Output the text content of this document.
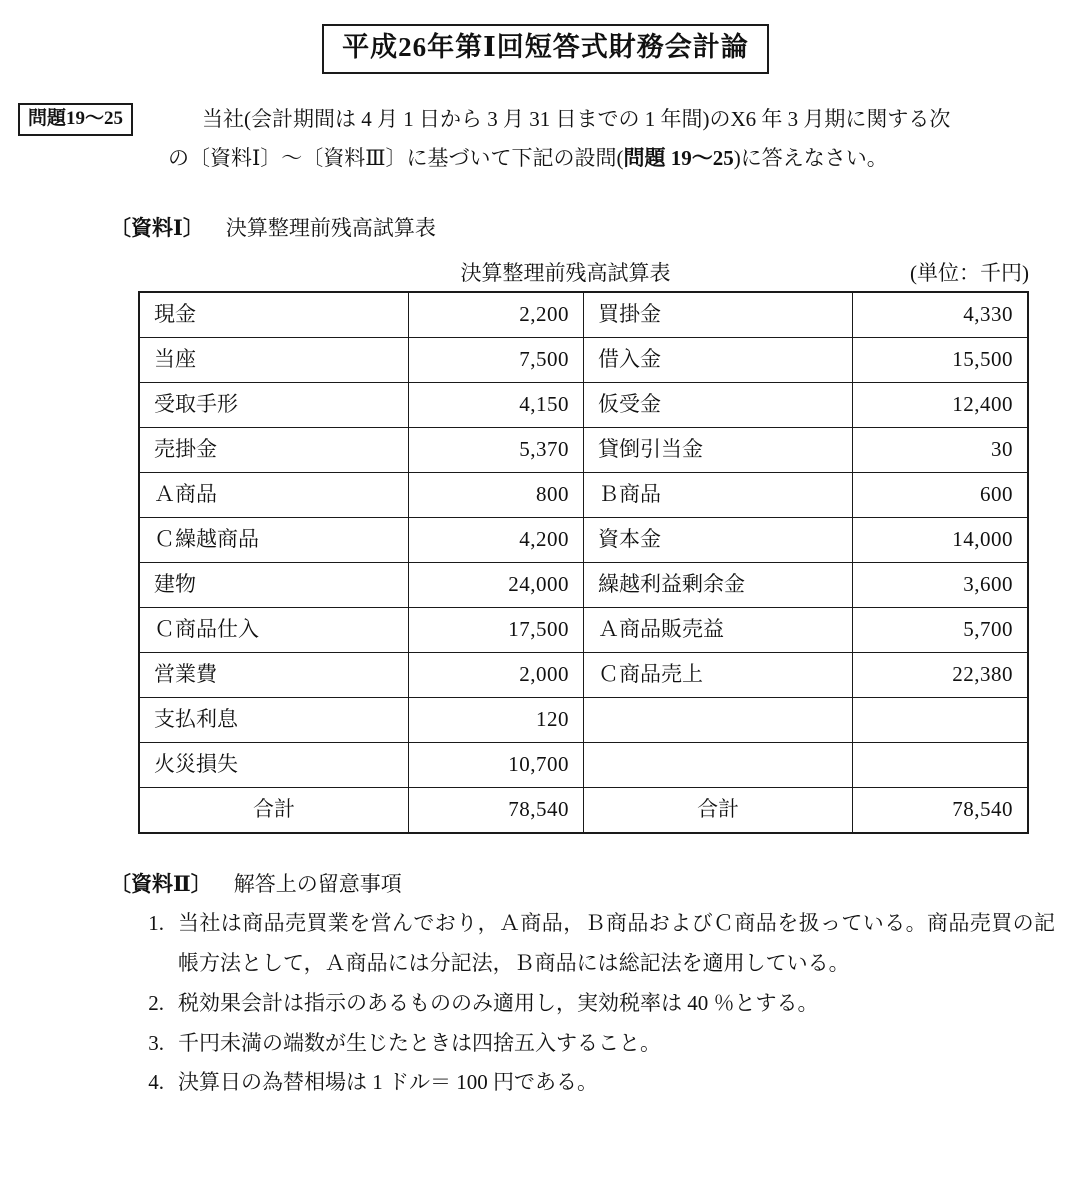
平成26年第Ⅰ回短答式財務会計論
問題19〜25	当社(会計期間は 4 月 1 日から 3 月 31 日までの 1 年間)のX6 年 3 月期に関する次
の〔資料Ⅰ〕〜〔資料Ⅲ〕に基づいて下記の設問(問題 19〜25)に答えなさい。
〔資料Ⅰ〕 決算整理前残高試算表
決算整理前残高試算表	(単位：千円)
現金	2,200	買掛金	4,330
当座	7,500	借入金	15,500
受取手形	4,150	仮受金	12,400
売掛金	5,370	貸倒引当金	30
Ａ商品	800	Ｂ商品	600
Ｃ繰越商品	4,200	資本金	14,000
建物	24,000	繰越利益剰余金	3,600
Ｃ商品仕入	17,500	Ａ商品販売益	5,700
営業費	2,000	Ｃ商品売上	22,380
支払利息	120		
火災損失	10,700		
合計	78,540	合計	78,540
〔資料Ⅱ〕 解答上の留意事項
1. 当社は商品売買業を営んでおり，Ａ商品，Ｂ商品およびＣ商品を扱っている。商品売買の記帳方法として，Ａ商品には分記法，Ｂ商品には総記法を適用している。
2. 税効果会計は指示のあるもののみ適用し，実効税率は 40 ％とする。
3. 千円未満の端数が生じたときは四捨五入すること。
4. 決算日の為替相場は 1 ドル＝ 100 円である。
